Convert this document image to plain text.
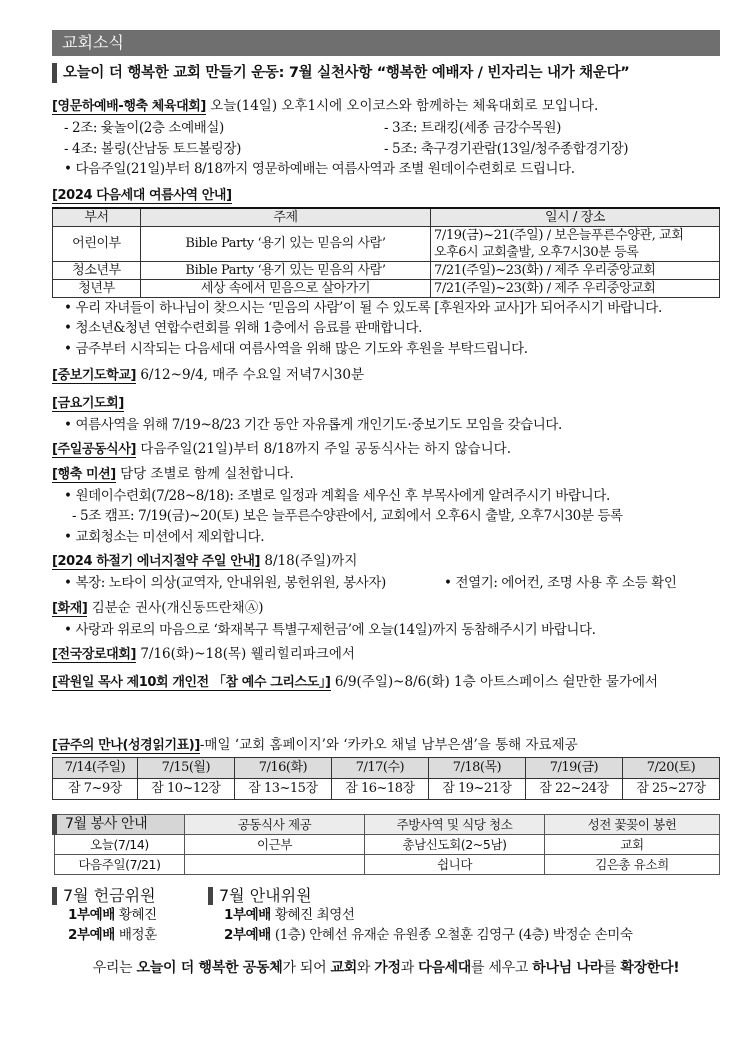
교회소식
오늘이 더 행복한 교회 만들기 운동: 7월 실천사항 “행복한 예배자 / 빈자리는 내가 채운다”
[영문하예배-행축 체육대회] 오늘(14일) 오후1시에 오이코스와 함께하는 체육대회로 모입니다.
- 2조: 윷놀이(2층 소예배실)	- 3조: 트래킹(세종 금강수목원)
- 4조: 볼링(산남동 토드볼링장)	- 5조: 축구경기관람(13일/청주종합경기장)
• 다음주일(21일)부터 8/18까지 영문하예배는 여름사역과 조별 원데이수련회로 드립니다.
[2024 다음세대 여름사역 안내]
부서	주제	일시 / 장소
어린이부	Bible Party ‘용기 있는 믿음의 사람’	7/19(금)~21(주일) / 보은늘푸른수양관, 교회
오후6시 교회출발, 오후7시30분 등록

청소년부	Bible Party ‘용기 있는 믿음의 사람’	7/21(주일)~23(화) / 제주 우리중앙교회
청년부	세상 속에서 믿음으로 살아가기	7/21(주일)~23(화) / 제주 우리중앙교회
• 우리 자녀들이 하나님이 찾으시는 ‘믿음의 사람’이 될 수 있도록 [후원자와 교사]가 되어주시기 바랍니다.
• 청소년&청년 연합수련회를 위해 1층에서 음료를 판매합니다.
• 금주부터 시작되는 다음세대 여름사역을 위해 많은 기도와 후원을 부탁드립니다.
[중보기도학교] 6/12~9/4, 매주 수요일 저녁7시30분
[금요기도회]
• 여름사역을 위해 7/19~8/23 기간 동안 자유롭게 개인기도·중보기도 모임을 갖습니다.
[주일공동식사] 다음주일(21일)부터 8/18까지 주일 공동식사는 하지 않습니다.
[행축 미션] 담당 조별로 함께 실천합니다.
• 원데이수련회(7/28~8/18): 조별로 일정과 계획을 세우신 후 부목사에게 알려주시기 바랍니다.
- 5조 캠프: 7/19(금)~20(토) 보은 늘푸른수양관에서, 교회에서 오후6시 출발, 오후7시30분 등록
• 교회청소는 미션에서 제외합니다.
[2024 하절기 에너지절약 주일 안내] 8/18(주일)까지
• 복장: 노타이 의상(교역자, 안내위원, 봉헌위원, 봉사자)	• 전열기: 에어컨, 조명 사용 후 소등 확인
[화재] 김분순 권사(개신동뜨란채Ⓐ)
• 사랑과 위로의 마음으로 ‘화재복구 특별구제헌금’에 오늘(14일)까지 동참해주시기 바랍니다.
[전국장로대회] 7/16(화)~18(목) 웰리힐리파크에서
[곽원일 목사 제10회 개인전 「참 예수 그리스도」] 6/9(주일)~8/6(화) 1층 아트스페이스 쉴만한 물가에서
[금주의 만나(성경읽기표)]-매일 ‘교회 홈페이지’와 ‘카카오 채널 남부은샘’을 통해 자료제공
7/14(주일)	7/15(월)	7/16(화)	7/17(수)	7/18(목)	7/19(금)	7/20(토)
잠 7~9장	잠 10~12장	잠 13~15장	잠 16~18장	잠 19~21장	잠 22~24장	잠 25~27장
7월 봉사 안내	공동식사 제공	주방사역 및 식당 청소	성전 꽃꽂이 봉헌
오늘(7/14)	이근부	총남신도회(2~5남)	교회
다음주일(7/21)		쉽니다	김은총 유소희
7월 헌금위원
1부예배 황혜진
2부예배 배정훈
7월 안내위원
1부예배 황혜진 최영선
2부예배 (1층) 안혜선 유재순 유원종 오철훈 김영구 (4층) 박정순 손미숙
우리는 오늘이 더 행복한 공동체가 되어 교회와 가정과 다음세대를 세우고 하나님 나라를 확장한다!
